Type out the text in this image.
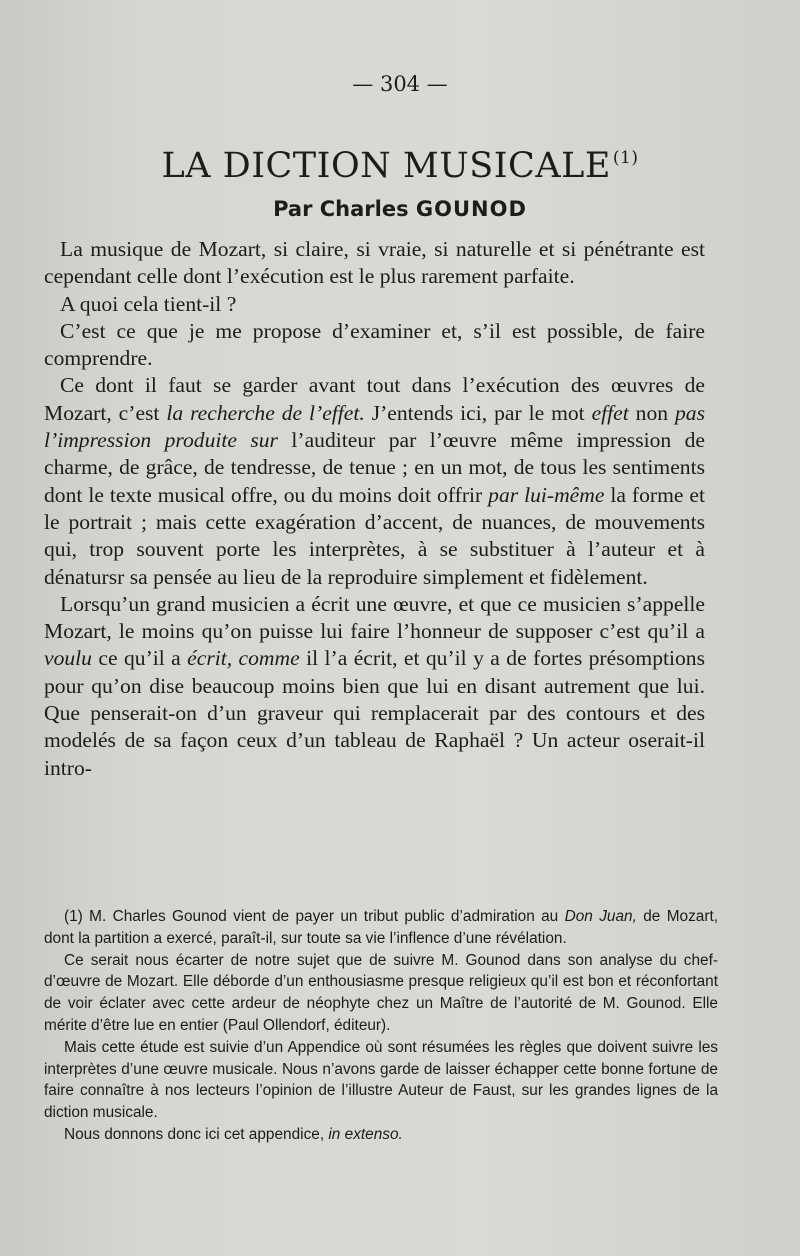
— 304 —
LA DICTION MUSICALE $^{(1)}$
Par Charles GOUNOD

La musique de Mozart, si claire, si vraie, si naturelle et si pénétrante est cependant celle dont l’exécution est le plus rarement parfaite.

A quoi cela tient-il ?

C’est ce que je me propose d’examiner et, s’il est possible, de faire comprendre.

Ce dont il faut se garder avant tout dans l’exécution des œuvres de Mozart, c’est la recherche de l’effet. J’entends ici, par le mot effet non pas l’impression produite sur l’auditeur par l’œuvre même impression de charme, de grâce, de tendresse, de tenue ; en un mot, de tous les sentiments dont le texte musical offre, ou du moins doit offrir par lui-même la forme et le portrait ; mais cette exagération d’accent, de nuances, de mouvements qui, trop souvent porte les interprètes, à se substituer à l’auteur et à dénatursr sa pensée au lieu de la reproduire simplement et fidèlement.

Lorsqu’un grand musicien a écrit une œuvre, et que ce musicien s’appelle Mozart, le moins qu’on puisse lui faire l’honneur de supposer c’est qu’il a voulu ce qu’il a écrit, comme il l’a écrit, et qu’il y a de fortes présomptions pour qu’on dise beaucoup moins bien que lui en disant autrement que lui. Que penserait-on d’un graveur qui remplacerait par des contours et des modelés de sa façon ceux d’un tableau de Raphaël ? Un acteur oserait-il intro-

(1) M. Charles Gounod vient de payer un tribut public d’admiration au Don Juan, de Mozart, dont la partition a exercé, paraît-il, sur toute sa vie l’inflence d’une révélation.

Ce serait nous écarter de notre sujet que de suivre M. Gounod dans son analyse du chef-d’œuvre de Mozart. Elle déborde d’un enthousiasme presque religieux qu’il est bon et réconfortant de voir éclater avec cette ardeur de néophyte chez un Maître de l’autorité de M. Gounod. Elle mérite d’être lue en entier (Paul Ollendorf, éditeur).

Mais cette étude est suivie d’un Appendice où sont résumées les règles que doivent suivre les interprètes d’une œuvre musicale. Nous n’avons garde de laisser échapper cette bonne fortune de faire connaître à nos lecteurs l’opinion de l’illustre Auteur de Faust, sur les grandes lignes de la diction musicale.

Nous donnons donc ici cet appendice, in extenso.
